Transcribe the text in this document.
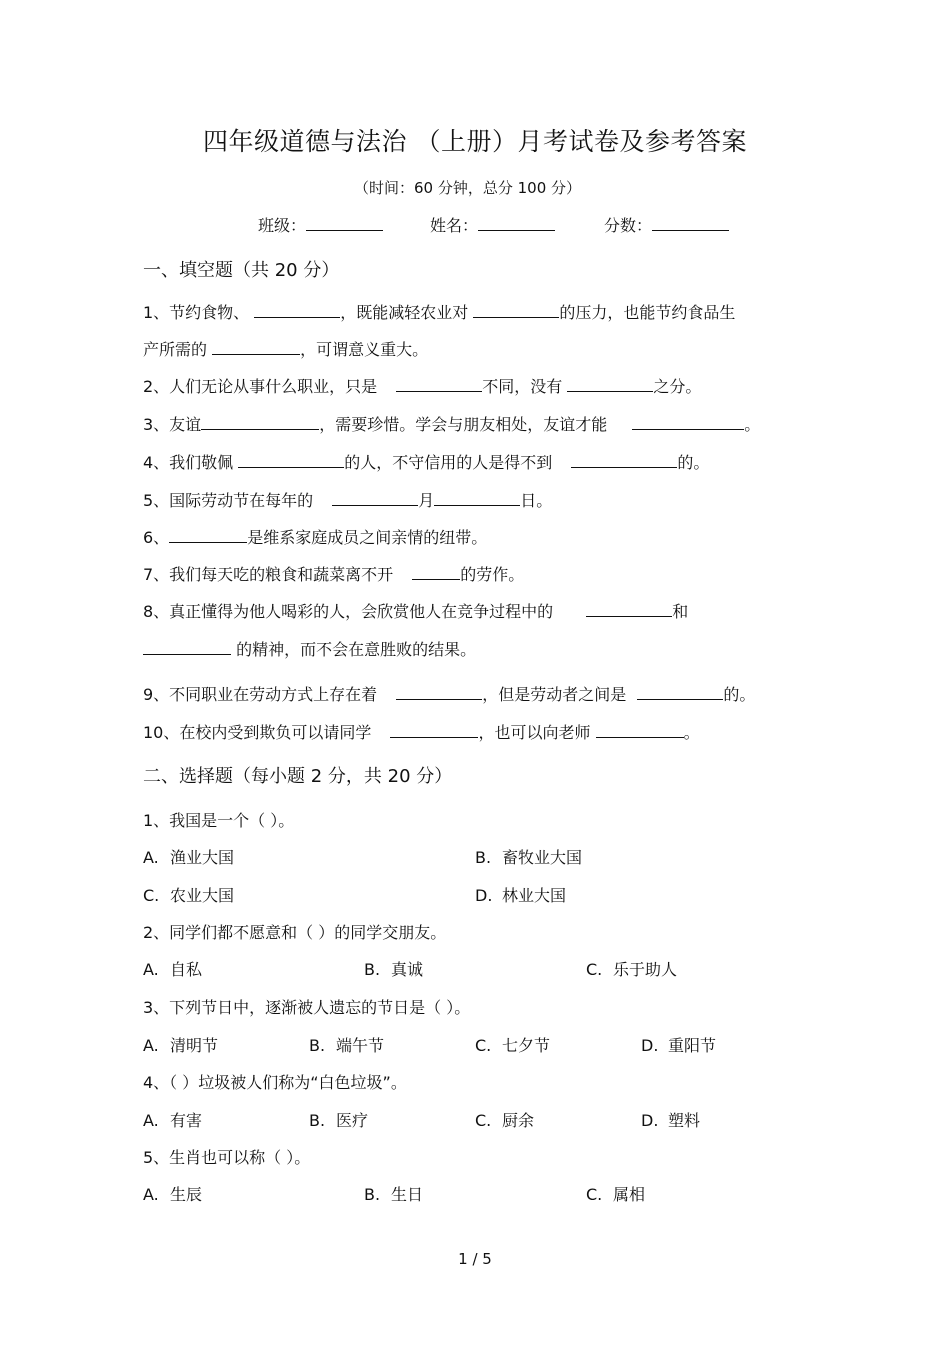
四年级道德与法治 （上册）月考试卷及参考答案
（时间：60 分钟，总分 100 分）
班级：	姓名：	分数：
一、填空题（共 20 分）
1、节约食物、	，既能减轻农业对	的压力，也能节约食品生
产所需的	，可谓意义重大。
2、人们无论从事什么职业，只是	不同，没有	之分。
3、友谊	，需要珍惜。学会与朋友相处，友谊才能	。
4、我们敬佩	的人，不守信用的人是得不到	的。
5、国际劳动节在每年的	月	日。
6、	是维系家庭成员之间亲情的纽带。
7、我们每天吃的粮食和蔬菜离不开	的劳作。
8、真正懂得为他人喝彩的人，会欣赏他人在竞争过程中的	和
的精神，而不会在意胜败的结果。
9、不同职业在劳动方式上存在着	，但是劳动者之间是	的。
10、在校内受到欺负可以请同学	，也可以向老师	。
二、选择题（每小题 2 分，共 20 分）
1、我国是一个（ ）。
A. 渔业大国	B. 畜牧业大国
C. 农业大国	D. 林业大国
2、同学们都不愿意和（ ）的同学交朋友。
A. 自私	B. 真诚	C. 乐于助人
3、下列节日中，逐渐被人遗忘的节日是（ ）。
A. 清明节	B. 端午节	C. 七夕节	D. 重阳节
4、（ ）垃圾被人们称为“白色垃圾”。
A. 有害	B. 医疗	C. 厨余	D. 塑料
5、生肖也可以称（ ）。
A. 生辰	B. 生日	C. 属相
1 / 5
